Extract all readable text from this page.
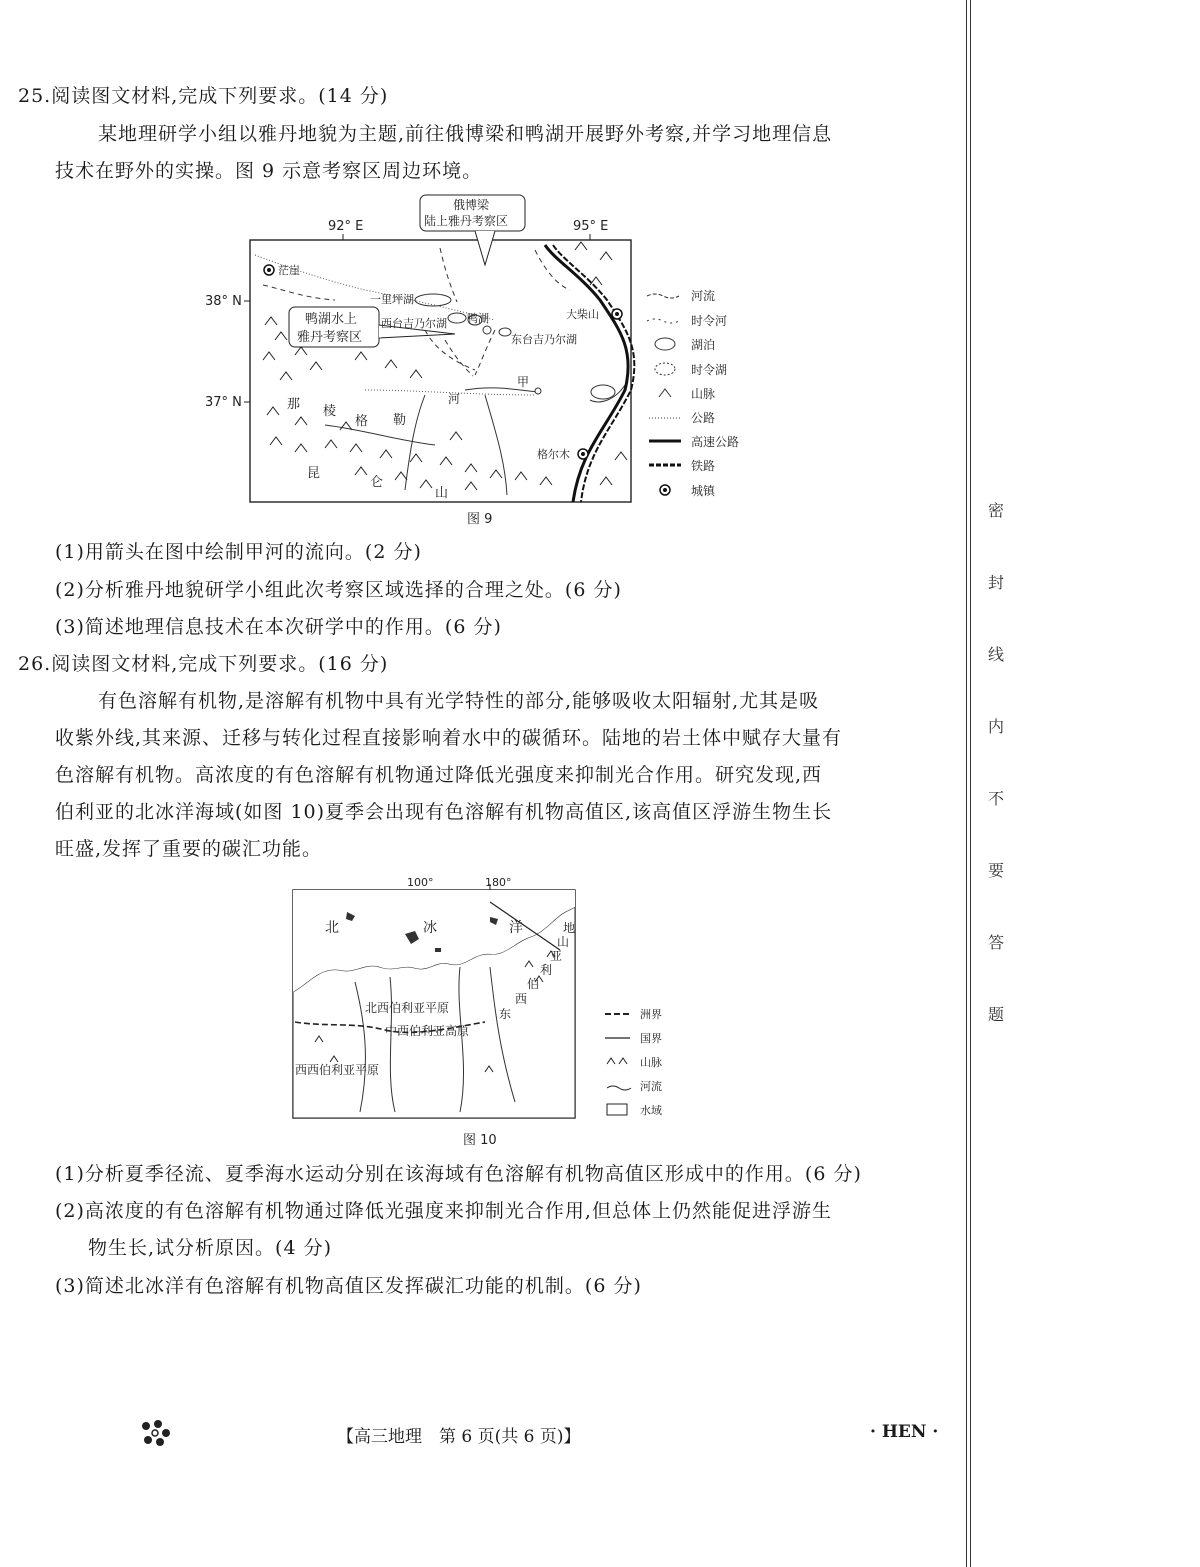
密
封
线
内
不
要
答
题
25.阅读图文材料,完成下列要求。(14 分)
某地理研学小组以雅丹地貌为主题,前往俄博梁和鸭湖开展野外考察,并学习地理信息
技术在野外的实操。图 9 示意考察区周边环境。
92° E	95° E
38° N
37° N
俄博梁
陆上雅丹考察区
鸭湖水上
雅丹考察区
茫崖
大柴山
格尔木
一里坪湖
西台吉乃尔湖 鸭湖
东台吉乃尔湖
甲
河
那 棱
格 勒
昆
仑
山
河流
时令河
湖泊
时令湖
山脉
公路
高速公路
铁路
城镇
图 9
(1)用箭头在图中绘制甲河的流向。(2 分)
(2)分析雅丹地貌研学小组此次考察区域选择的合理之处。(6 分)
(3)简述地理信息技术在本次研学中的作用。(6 分)
26.阅读图文材料,完成下列要求。(16 分)
有色溶解有机物,是溶解有机物中具有光学特性的部分,能够吸收太阳辐射,尤其是吸
收紫外线,其来源、迁移与转化过程直接影响着水中的碳循环。陆地的岩土体中赋存大量有
色溶解有机物。高浓度的有色溶解有机物通过降低光强度来抑制光合作用。研究发现,西
伯利亚的北冰洋海域(如图 10)夏季会出现有色溶解有机物高值区,该高值区浮游生物生长
旺盛,发挥了重要的碳汇功能。
100°	180°
北	冰	洋
北西伯利亚平原
中西伯利亚高原
西西伯利亚平原
东
西
伯
利
亚
山
地
洲界
国界
山脉
河流
水域
图 10
(1)分析夏季径流、夏季海水运动分别在该海域有色溶解有机物高值区形成中的作用。(6 分)
(2)高浓度的有色溶解有机物通过降低光强度来抑制光合作用,但总体上仍然能促进浮游生
物生长,试分析原因。(4 分)
(3)简述北冰洋有色溶解有机物高值区发挥碳汇功能的机制。(6 分)
【高三地理　第 6 页(共 6 页)】	· HEN ·
